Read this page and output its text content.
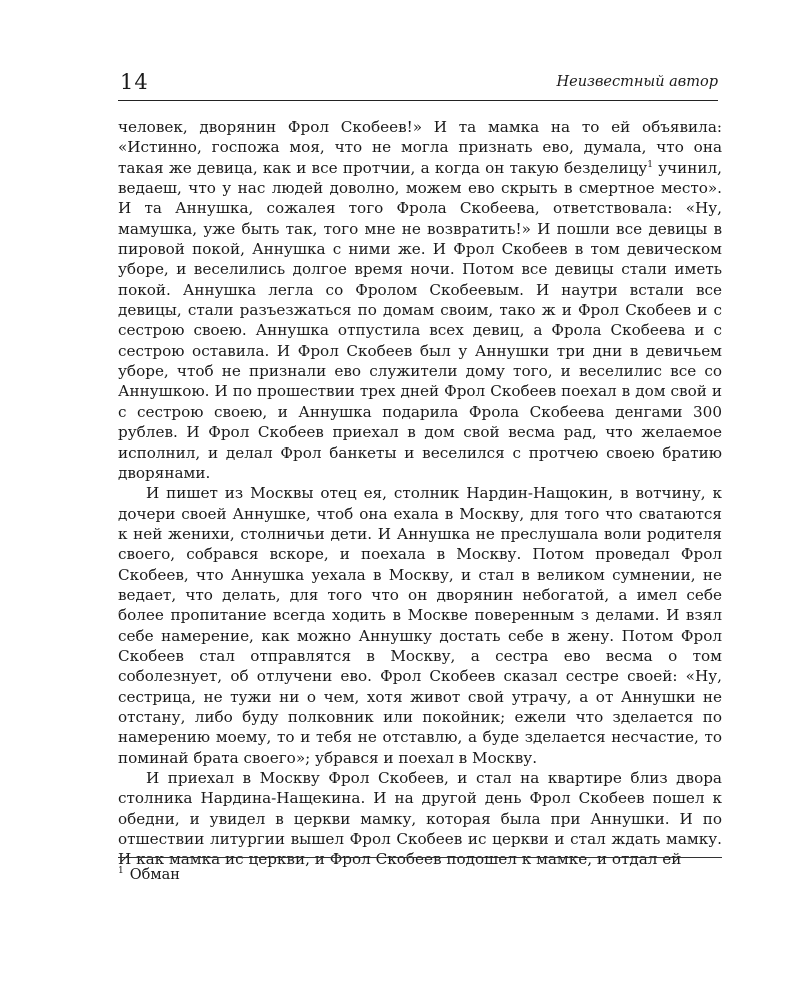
14	Неизвестный автор

человек, дворянин Фрол Скобеев!» И та мамка на то ей объявила: «Истинно, госпожа моя, что не могла признать ево, думала, что она такая же девица, как и все протчии, а когда он такую безделицу$^1$ учинил, ведаеш, что у нас людей доволно, можем ево скрыть в смертное место». И та Аннушка, сожалея того Фрола Скобеева, ответствовала: «Ну, мамушка, уже быть так, того мне не возвратить!» И пошли все девицы в пировой покой, Аннушка с ними же. И Фрол Скобеев в том девическом уборе, и веселились долгое время ночи. Потом все девицы стали иметь покой. Аннушка легла со Фролом Скобеевым. И наутри встали все девицы, стали разъезжаться по домам своим, тако ж и Фрол Скобеев и с сестрою своею. Аннушка отпустила всех девиц, а Фрола Скобеева и с сестрою оставила. И Фрол Скобеев был у Аннушки три дни в девичьем уборе, чтоб не признали ево служители дому того, и веселилис все со Аннушкою. И по прошествии трех дней Фрол Скобеев поехал в дом свой и с сестрою своею, и Аннушка подарила Фрола Скобеева денгами 300 рублев. И Фрол Скобеев приехал в дом свой весма рад, что желаемое исполнил, и делал Фрол банкеты и веселился с протчею своею братию дворянами.

И пишет из Москвы отец ея, столник Нардин-Нащокин, в вотчину, к дочери своей Аннушке, чтоб она ехала в Москву, для того что сватаются к ней женихи, столничьи дети. И Аннушка не преслушала воли родителя своего, собрався вскоре, и поехала в Москву. Потом проведал Фрол Скобеев, что Аннушка уехала в Москву, и стал в великом сумнении, не ведает, что делать, для того что он дворянин небогатой, а имел себе более пропитание всегда ходить в Москве поверенным з делами. И взял себе намерение, как можно Аннушку достать себе в жену. Потом Фрол Скобеев стал отправлятся в Москву, а сестра ево весма о том соболезнует, об отлучени ево. Фрол Скобеев сказал сестре своей: «Ну, сестрица, не тужи ни о чем, хотя живот свой утрачу, а от Аннушки не отстану, либо буду полковник или покойник; ежели что зделается по намерению моему, то и тебя не отставлю, а буде зделается несчастие, то поминай брата своего»; убрався и поехал в Москву.

И приехал в Москву Фрол Скобеев, и стал на квартире близ двора столника Нардина-Нащекина. И на другой день Фрол Скобеев пошел к обедни, и увидел в церкви мамку, которая была при Аннушки. И по отшествии литургии вышел Фрол Скобеев ис церкви и стал ждать мамку. И как мамка ис церкви, и Фрол Скобеев подошел к мамке, и отдал ей

$^1$ Обман
